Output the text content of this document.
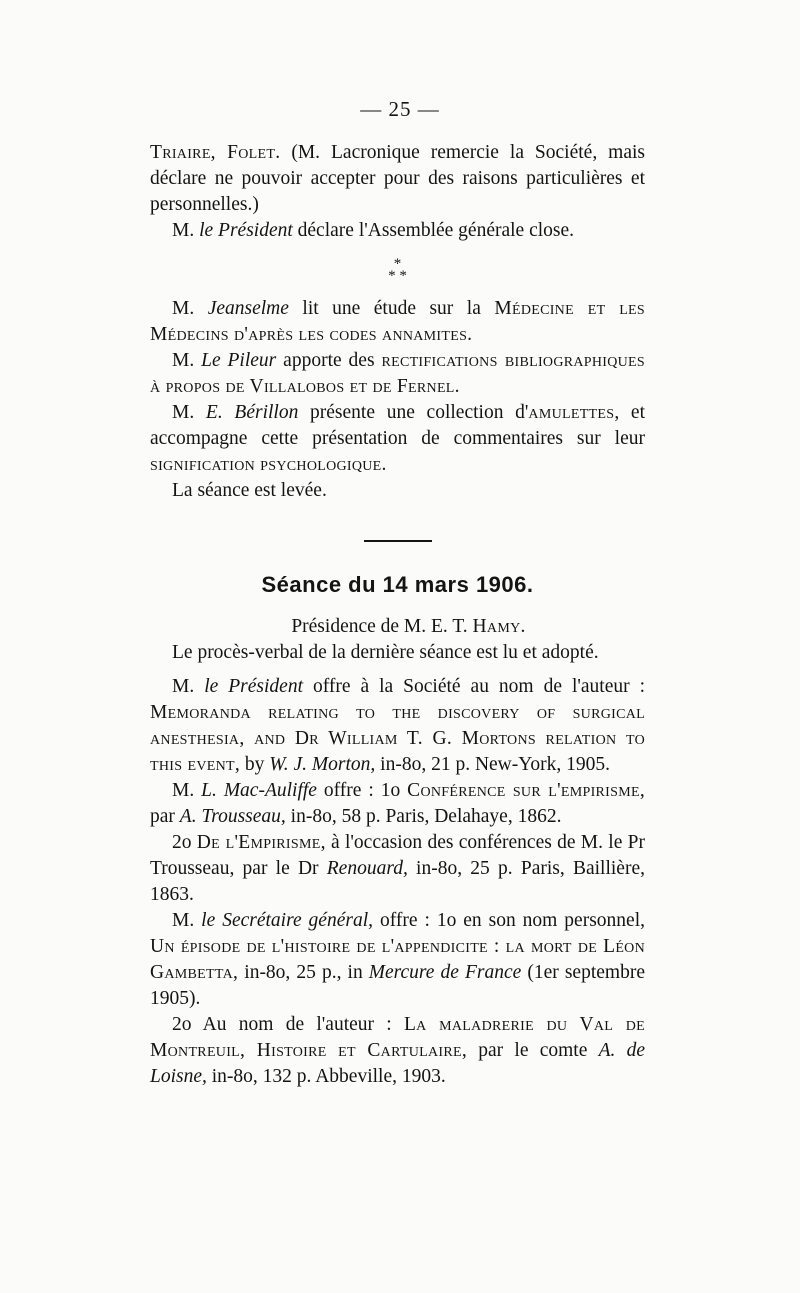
— 25 —

Triaire, Folet. (M. Lacronique remercie la Société, mais déclare ne pouvoir accepter pour des raisons particulières et personnelles.)

M. le Président déclare l'Assemblée générale close.

*
* *

M. Jeanselme lit une étude sur la Médecine et les Médecins d'après les codes annamites.

M. Le Pileur apporte des rectifications bibliographiques à propos de Villalobos et de Fernel.

M. E. Bérillon présente une collection d'amulettes, et accompagne cette présentation de commentaires sur leur signification psychologique.

La séance est levée.

Séance du 14 mars 1906.

Présidence de M. E. T. Hamy.

Le procès-verbal de la dernière séance est lu et adopté.

M. le Président offre à la Société au nom de l'auteur : Memoranda relating to the discovery of surgical anesthesia, and Dr William T. G. Mortons relation to this event, by W. J. Morton, in-8o, 21 p. New-York, 1905.

M. L. Mac-Auliffe offre : 1o Conférence sur l'empirisme, par A. Trousseau, in-8o, 58 p. Paris, Delahaye, 1862.

2o De l'Empirisme, à l'occasion des conférences de M. le Pr Trousseau, par le Dr Renouard, in-8o, 25 p. Paris, Baillière, 1863.

M. le Secrétaire général, offre : 1o en son nom personnel, Un épisode de l'histoire de l'appendicite : la mort de Léon Gambetta, in-8o, 25 p., in Mercure de France (1er septembre 1905).

2o Au nom de l'auteur : La maladrerie du Val de Montreuil, Histoire et Cartulaire, par le comte A. de Loisne, in-8o, 132 p. Abbeville, 1903.
